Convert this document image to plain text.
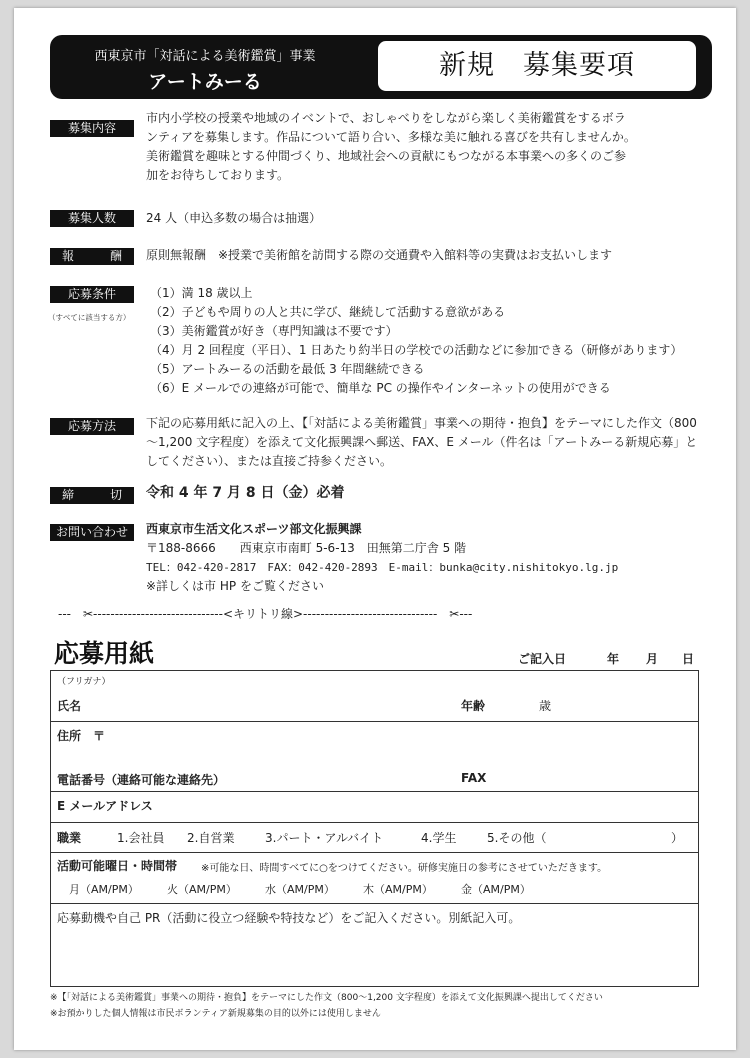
西東京市「対話による美術鑑賞」事業
アートみーる
新規　募集要項
募集内容
市内小学校の授業や地域のイベントで、おしゃべりをしながら楽しく美術鑑賞をするボラ
ンティアを募集します。作品について語り合い、多様な美に触れる喜びを共有しませんか。
美術鑑賞を趣味とする仲間づくり、地域社会への貢献にもつながる本事業への多くのご参
加をお待ちしております。
募集人数	24 人（申込多数の場合は抽選）
報　酬 原則無報酬　※授業で美術館を訪問する際の交通費や入館料等の実費はお支払いします
応募条件
（すべてに該当する方）
（1）満 18 歳以上
（2）子どもや周りの人と共に学び、継続して活動する意欲がある
（3）美術鑑賞が好き（専門知識は不要です）
（4）月 2 回程度（平日）、1 日あたり約半日の学校での活動などに参加できる（研修があります）
（5）アートみーるの活動を最低 3 年間継続できる
（6）E メールでの連絡が可能で、簡単な PC の操作やインターネットの使用ができる
応募方法	下記の応募用紙に記入の上、【「対話による美術鑑賞」事業への期待・抱負】をテーマにした作文（800
～1,200 文字程度）を添えて文化振興課へ郵送、FAX、E メール（件名は「アートみーる新規応募」と
してください）、または直接ご持参ください。
締　切 令和 4 年 7 月 8 日（金）必着
お問い合わせ	西東京市生活文化スポーツ部文化振興課
〒188-8666　　西東京市南町 5-6-13　田無第二庁舎 5 階
TEL：042-420-2817　FAX：042-420-2893　E-mail：bunka@city.nishitokyo.lg.jp
※詳しくは市 HP をご覧ください
---　✂------------------------------<キリトリ線>-------------------------------　✂---
応募用紙	ご記入日	年 月 日
（フリガナ）
氏名	年齢	歳
住所　〒
電話番号（連絡可能な連絡先）	FAX
E メールアドレス
職業	1.会社員 2.自営業	3.パート・アルバイト	4.学生	5.その他（	）
活動可能曜日・時間帯 ※可能な日、時間すべてに○をつけてください。研修実施日の参考にさせていただきます。
月（AM/PM）	火（AM/PM）	水（AM/PM）	木（AM/PM）	金（AM/PM）
応募動機や自己 PR（活動に役立つ経験や特技など）をご記入ください。別紙記入可。
※【「対話による美術鑑賞」事業への期待・抱負】をテーマにした作文（800～1,200 文字程度）を添えて文化振興課へ提出してください
※お預かりした個人情報は市民ボランティア新規募集の目的以外には使用しません
